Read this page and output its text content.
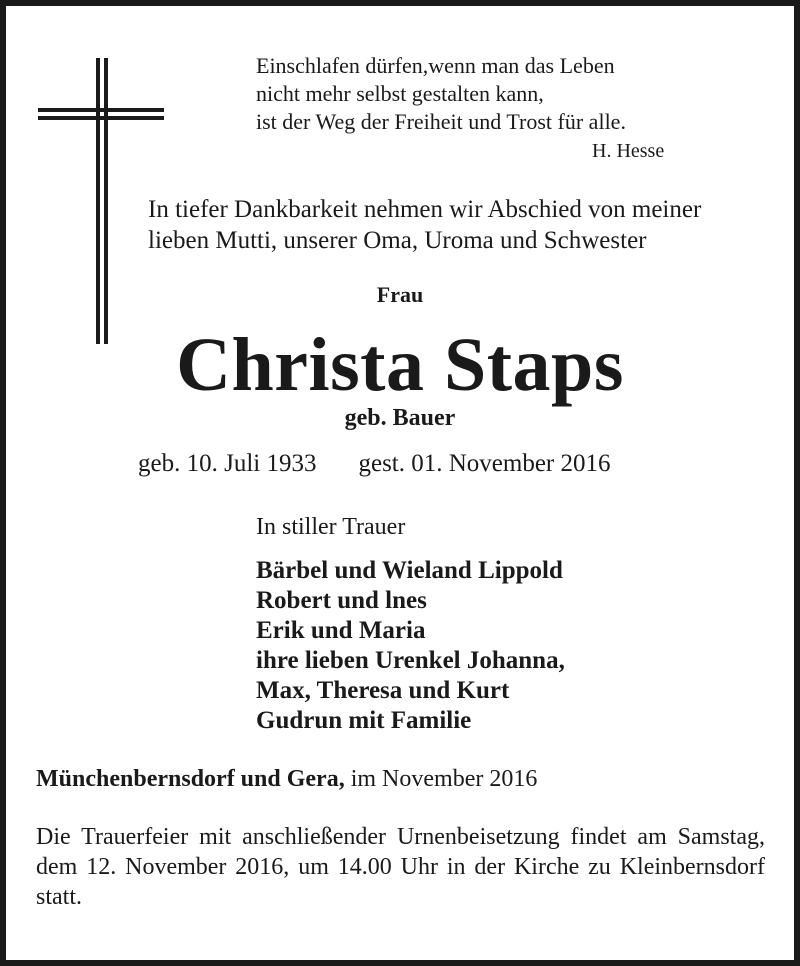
Einschlafen dürfen,wenn man das Leben
nicht mehr selbst gestalten kann,
ist der Weg der Freiheit und Trost für alle.
H. Hesse
In tiefer Dankbarkeit nehmen wir Abschied von meiner
lieben Mutti, unserer Oma, Uroma und Schwester
Frau
Christa Staps
geb. Bauer
geb. 10. Juli 1933 gest. 01. November 2016
In stiller Trauer
Bärbel und Wieland Lippold
Robert und lnes
Erik und Maria
ihre lieben Urenkel Johanna,
Max, Theresa und Kurt
Gudrun mit Familie
Münchenbernsdorf und Gera, im November 2016
Die Trauerfeier mit anschließender Urnenbeisetzung findet am Samstag, dem 12. November 2016, um 14.00 Uhr in der Kirche zu Kleinbernsdorf statt.
